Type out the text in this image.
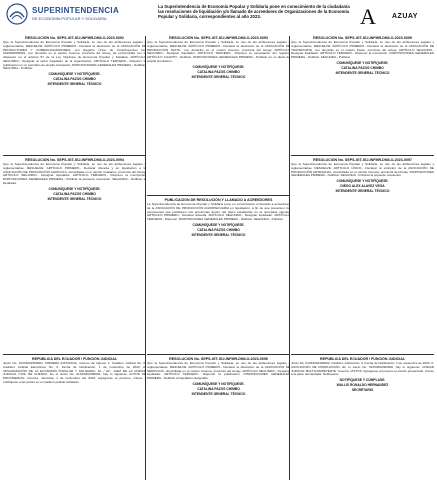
SUPERINTENDENCIA
DE ECONOMÍA POPULAR Y SOLIDARIA
La Superintendencia de Economía Popular y Solidaria pone en conocimiento de la ciudadanía las resoluciones de liquidación y/o llamado de acreedores de Organizaciones de la Economía Popular y Solidaria, correspondientes al año 2023.	A AZUAY
RESOLUCIÓN No. SEPS-IGT-IGJ-INFMR-DNILO-2023-0092
Que la Superintendencia de Economía Popular y Solidaria, en uso de las atribuciones legales y reglamentarias, RESUELVE: ARTÍCULO PRIMERO.- Declarar la disolución de la ASOCIACIÓN DE PRODUCTORES Y COMERCIALIZADORES, con Registro Único de Contribuyentes No. 0190000000001, con domicilio en el cantón Cuenca, provincia del Azuay, de conformidad con lo dispuesto en el artículo 57 de la Ley Orgánica de Economía Popular y Solidaria. ARTÍCULO SEGUNDO.- Designar al señor liquidador de la organización. ARTÍCULO TERCERO.- Disponer la publicación en un periódico de amplia circulación. DISPOSICIONES GENERALES PRIMERA.- Notificar. SEGUNDA.- Publicar.
COMUNÍQUESE Y NOTIFÍQUESE.
CATALINA PAZOS CHIMBO
INTENDENTE GENERAL TÉCNICO
RESOLUCIÓN No. SEPS-IGT-IGJ-INFMR-DNILO-2023-0094
Que la Superintendencia de Economía Popular y Solidaria, en uso de las atribuciones legales y reglamentarias, RESUELVE: ARTÍCULO PRIMERO.- Declarar disuelta y en liquidación a la ASOCIACIÓN DE PRODUCCIÓN AGRÍCOLA, domiciliada en el cantón Gualaceo, provincia del Azuay. ARTÍCULO SEGUNDO.- Designar liquidador. ARTÍCULO TERCERO.- Disponer la inscripción. DISPOSICIONES GENERALES PRIMERA.- Publicar la presente resolución. SEGUNDA.- Notificar al liquidador.
COMUNÍQUESE Y NOTIFÍQUESE.
CATALINA PAZOS CHIMBO
INTENDENTE GENERAL TÉCNICO
REPÚBLICA DEL ECUADOR / FUNCIÓN JUDICIAL
Juicio No. 01333202300001, PRIMERA INSTANCIA, número de ingreso 1. Casillero Judicial No. 0. Casillero Judicial Electrónico No. 0. Fecha de Notificación: 1 de noviembre de 2023. A: ORGANIZACIÓN DE LA ECONOMÍA POPULAR Y SOLIDARIA. Dr. / Ab.: JUEZ DE LA UNIDAD JUDICIAL CIVIL DE CUENCA. En el Juicio No. 01333202300001, hay lo siguiente: AUTOS DE PROVIDENCIA. Cuenca, miércoles 1 de noviembre del 2023. Agréguese al proceso. Cítese y notifíquese a las partes en el casillero judicial señalado.
RESOLUCIÓN No. SEPS-IGT-IGJ-INFMR-DNILO-2023-0093
Que la Superintendencia de Economía Popular y Solidaria, en uso de las atribuciones legales y reglamentarias, RESUELVE: ARTÍCULO PRIMERO.- Declarar la disolución de la ASOCIACIÓN DE PRODUCCIÓN TEXTIL, con domicilio en el cantón Cuenca, provincia del Azuay. ARTÍCULO SEGUNDO.- Designar liquidador. ARTÍCULO TERCERO.- Disponer la cancelación del registro. ARTÍCULO CUARTO.- Notificar. DISPOSICIONES GENERALES PRIMERA.- Publicar en un diario de amplia circulación.
COMUNÍQUESE Y NOTIFÍQUESE.
CATALINA PAZOS CHIMBO
INTENDENTE GENERAL TÉCNICO
PUBLICACIÓN DE RESOLUCIÓN Y LLAMADO A ACREEDORES
La Superintendencia de Economía Popular y Solidaria pone en conocimiento el llamado a acreedores de la ASOCIACIÓN DE PRODUCCIÓN AGROPECUARIA en liquidación, a fin de que presenten los documentos que justifiquen sus acreencias dentro del plazo establecido en la normativa vigente. ARTÍCULO PRIMERO.- Declarar disuelta. ARTÍCULO SEGUNDO.- Designar liquidador. ARTÍCULO TERCERO.- Disponer. DISPOSICIONES GENERALES PRIMERA.- Notificar. SEGUNDA.- Publicar.
COMUNÍQUESE Y NOTIFÍQUESE.
CATALINA PAZOS CHIMBO
INTENDENTE GENERAL TÉCNICO
RESOLUCIÓN No. SEPS-IGT-IGJ-INFMR-DNILO-2023-0096
Que la Superintendencia de Economía Popular y Solidaria, en uso de las atribuciones legales y reglamentarias, RESUELVE: ARTÍCULO PRIMERO.- Declarar la disolución de la ASOCIACIÓN DE SERVICIOS, domiciliada en el cantón Cuenca, provincia del Azuay. ARTÍCULO SEGUNDO.- Designar liquidador. ARTÍCULO TERCERO.- Disponer la publicación. DISPOSICIONES GENERALES PRIMERA.- Notificar al liquidador designado.
COMUNÍQUESE Y NOTIFÍQUESE.
CATALINA PAZOS CHIMBO
INTENDENTE GENERAL TÉCNICO
RESOLUCIÓN No. SEPS-IGT-IGJ-INFMR-DNILO-2023-0095
Que la Superintendencia de Economía Popular y Solidaria, en uso de las atribuciones legales y reglamentarias, RESUELVE: ARTÍCULO PRIMERO.- Declarar la disolución de la ASOCIACIÓN DE TRANSPORTE, con domicilio en el cantón Paute, provincia del Azuay. ARTÍCULO SEGUNDO.- Designar liquidador. ARTÍCULO TERCERO.- Disponer la inscripción. DISPOSICIONES GENERALES PRIMERA.- Notificar. SEGUNDA.- Publicar.
COMUNÍQUESE Y NOTIFÍQUESE.
CATALINA PAZOS CHIMBO
INTENDENTE GENERAL TÉCNICO
RESOLUCIÓN No. SEPS-IGT-IGJ-INFMR-DNILO-2023-0097
Que la Superintendencia de Economía Popular y Solidaria, en uso de las atribuciones legales y reglamentarias, RESUELVE: ARTÍCULO ÚNICO.- Declarar la extinción de la ASOCIACIÓN DE PRODUCCIÓN ARTESANAL, domiciliada en el cantón Cuenca, provincia del Azuay. DISPOSICIONES GENERALES PRIMERA.- Notificar. SEGUNDA.- Publicar la presente resolución.
COMUNÍQUESE Y NOTIFÍQUESE.
DIEGO ALEX ALAVEZ VEGA
INTENDENTE GENERAL TÉCNICO
REPÚBLICA DEL ECUADOR / FUNCIÓN JUDICIAL
Juicio No. 01333202300002. Casillero Judicial No. 0. Fecha de Notificación: 1 de noviembre de 2023. A: ASOCIACIÓN DE PRODUCCIÓN. En el Juicio No. 01333202300002, hay lo siguiente: UNIDAD JUDICIAL MULTICOMPETENTE. Cuenca. VISTOS: Agréguese al proceso el escrito presentado. Cítese a la parte demandada. Notifíquese.
NOTIFÍQUESE Y CÚMPLASE.
WALLIS RONALDO HERNANDEZ
SECRETARIO
